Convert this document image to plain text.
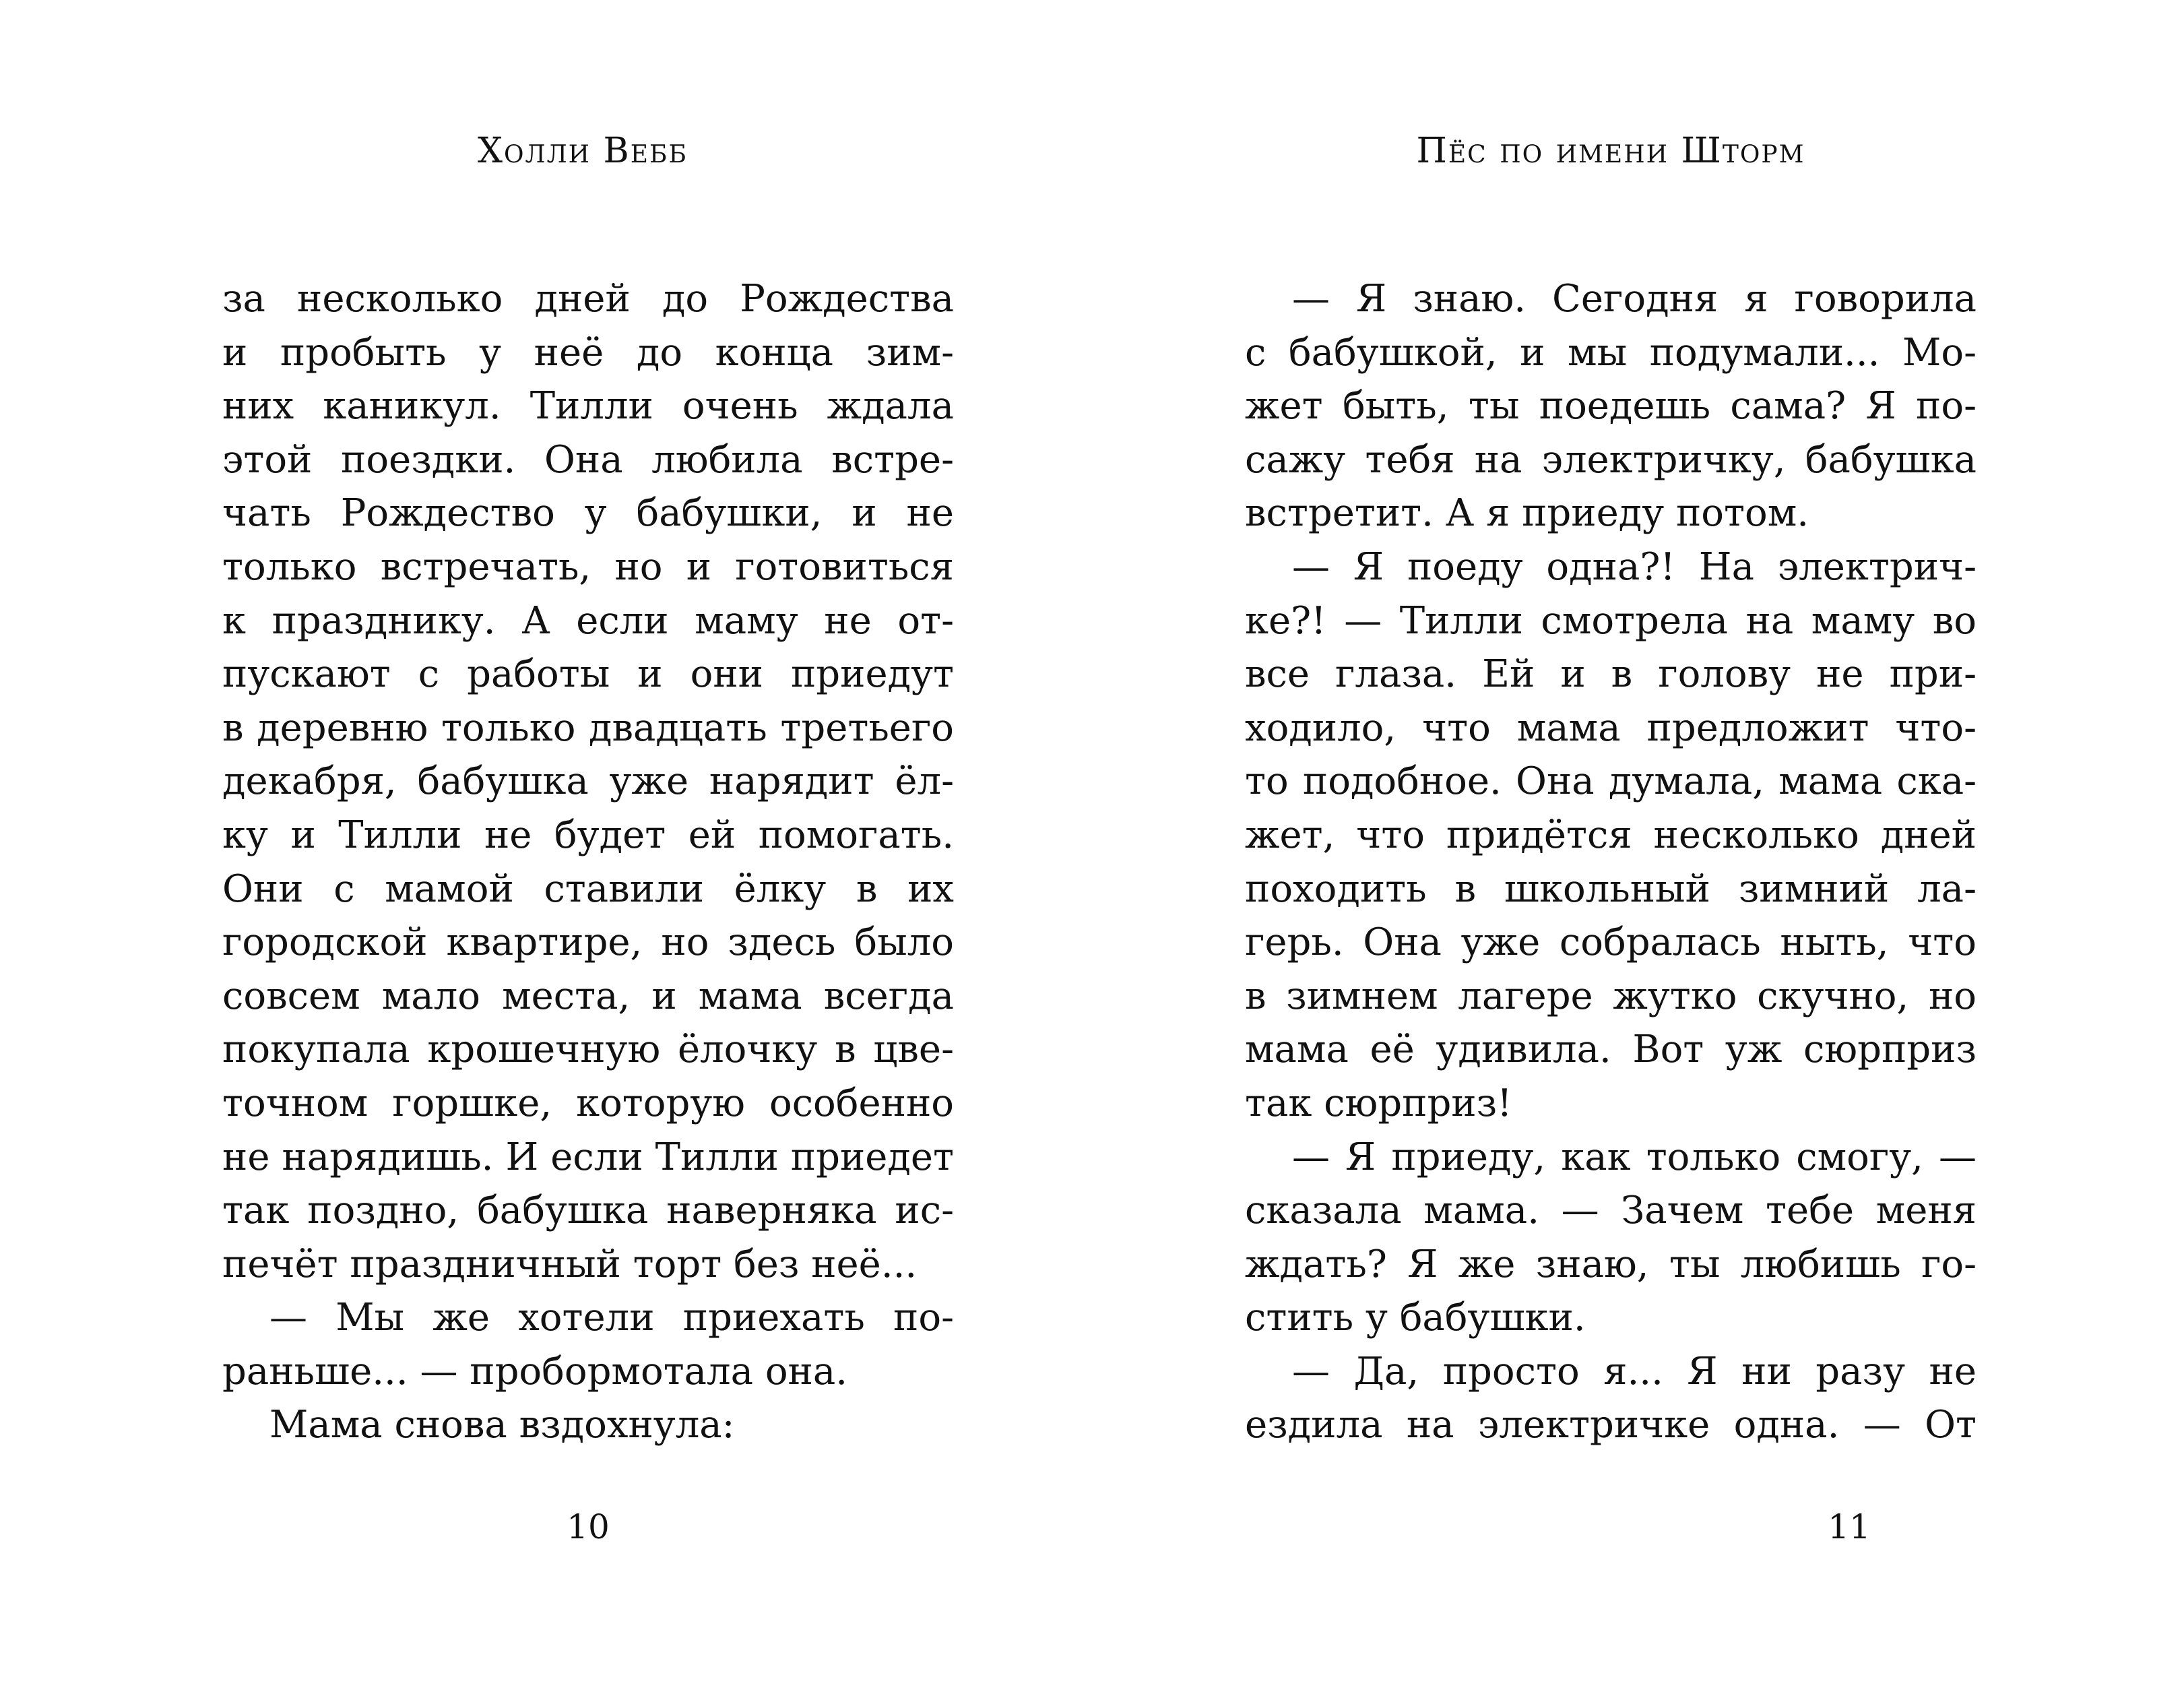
Холли Вебб
за несколько дней до Рождества
и пробыть у неё до конца зим-
них каникул. Тилли очень ждала
этой поездки. Она любила встре-
чать Рождество у бабушки, и не
только встречать, но и готовиться
к празднику. А если маму не от-
пускают с работы и они приедут
в деревню только двадцать третьего
декабря, бабушка уже нарядит ёл-
ку и Тилли не будет ей помогать.
Они с мамой ставили ёлку в их
городской квартире, но здесь было
совсем мало места, и мама всегда
покупала крошечную ёлочку в цве-
точном горшке, которую особенно
не нарядишь. И если Тилли приедет
так поздно, бабушка наверняка ис-
печёт праздничный торт без неё...
— Мы же хотели приехать по-
раньше... — пробормотала она.
Мама снова вздохнула:
10
Пёс по имени Шторм
— Я знаю. Сегодня я говорила
с бабушкой, и мы подумали... Мо-
жет быть, ты поедешь сама? Я по-
сажу тебя на электричку, бабушка
встретит. А я приеду потом.
— Я поеду одна?! На электрич-
ке?! — Тилли смотрела на маму во
все глаза. Ей и в голову не при-
ходило, что мама предложит что-
то подобное. Она думала, мама ска-
жет, что придётся несколько дней
походить в школьный зимний ла-
герь. Она уже собралась ныть, что
в зимнем лагере жутко скучно, но
мама её удивила. Вот уж сюрприз
так сюрприз!
— Я приеду, как только смогу, —
сказала мама. — Зачем тебе меня
ждать? Я же знаю, ты любишь го-
стить у бабушки.
— Да, просто я... Я ни разу не
ездила на электричке одна. — От
11
